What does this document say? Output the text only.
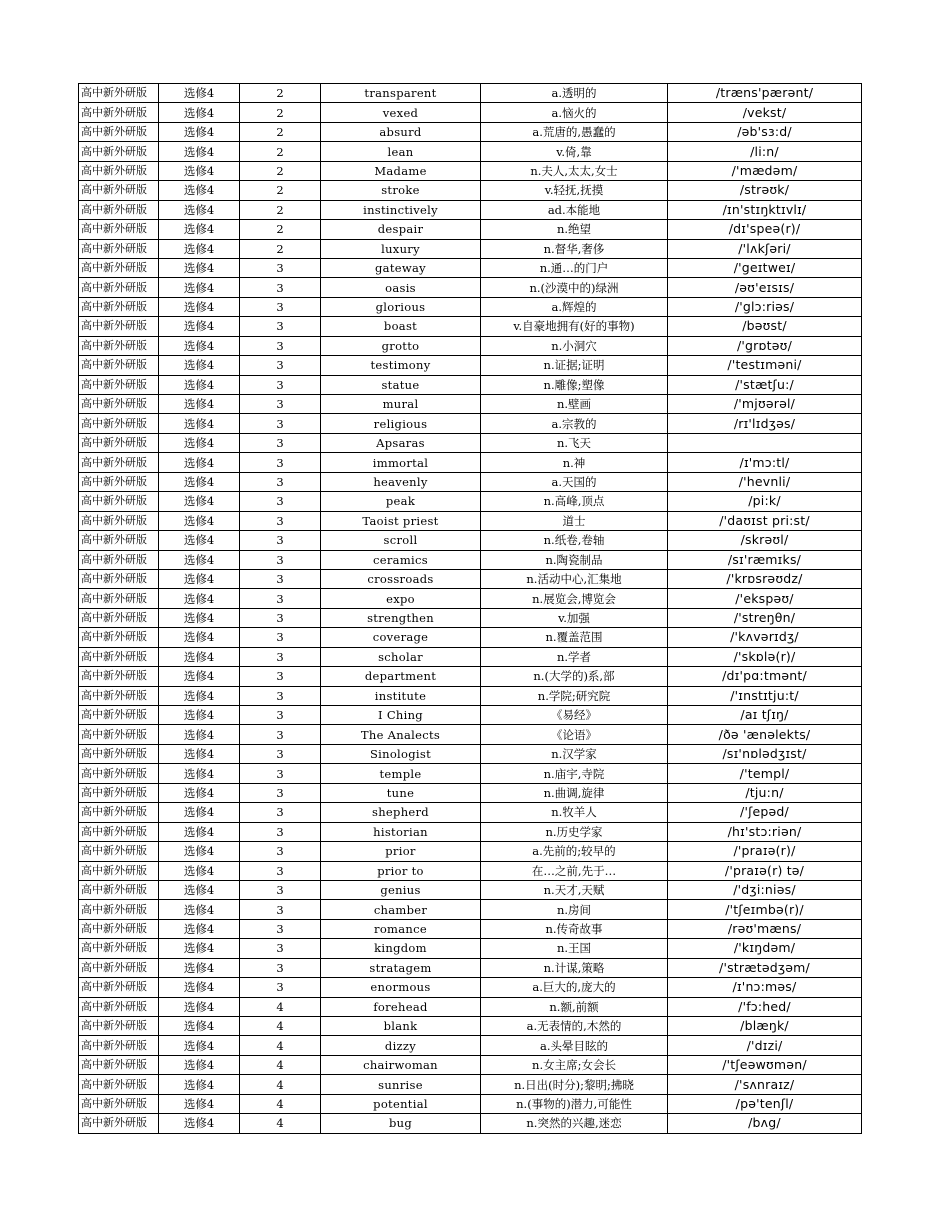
高中新外研版	选修4	2	transparent	a.透明的	/træns'pærənt/
高中新外研版	选修4	2	vexed	a.恼火的	/vekst/
高中新外研版	选修4	2	absurd	a.荒唐的,愚蠢的	/əb'sɜ:d/
高中新外研版	选修4	2	lean	v.倚,靠	/li:n/
高中新外研版	选修4	2	Madame	n.夫人,太太,女士	/'mædəm/
高中新外研版	选修4	2	stroke	v.轻抚,抚摸	/strəʊk/
高中新外研版	选修4	2	instinctively	ad.本能地	/ɪn'stɪŋktɪvlɪ/
高中新外研版	选修4	2	despair	n.绝望	/dɪ'speə(r)/
高中新外研版	选修4	2	luxury	n.督华,奢侈	/'lʌkʃəri/
高中新外研版	选修4	3	gateway	n.通…的门户	/'geɪtweɪ/
高中新外研版	选修4	3	oasis	n.(沙漠中的)绿洲	/əʊ'eɪsɪs/
高中新外研版	选修4	3	glorious	a.辉煌的	/'glɔ:riəs/
高中新外研版	选修4	3	boast	v.自豪地拥有(好的事物)	/bəʊst/
高中新外研版	选修4	3	grotto	n.小洞穴	/'grɒtəʊ/
高中新外研版	选修4	3	testimony	n.证据;证明	/'testɪməni/
高中新外研版	选修4	3	statue	n.雕像;塑像	/'stætʃu:/
高中新外研版	选修4	3	mural	n.壁画	/'mjʊərəl/
高中新外研版	选修4	3	religious	a.宗教的	/rɪ'lɪdʒəs/
高中新外研版	选修4	3	Apsaras	n.飞天	
高中新外研版	选修4	3	immortal	n.神	/ɪ'mɔ:tl/
高中新外研版	选修4	3	heavenly	a.天国的	/'hevnli/
高中新外研版	选修4	3	peak	n.高峰,顶点	/pi:k/
高中新外研版	选修4	3	Taoist priest	道士	/'daʊɪst pri:st/
高中新外研版	选修4	3	scroll	n.纸卷,卷轴	/skrəʊl/
高中新外研版	选修4	3	ceramics	n.陶瓷制品	/sɪ'ræmɪks/
高中新外研版	选修4	3	crossroads	n.活动中心,汇集地	/'krɒsrəʊdz/
高中新外研版	选修4	3	expo	n.展览会,博览会	/'ekspəʊ/
高中新外研版	选修4	3	strengthen	v.加强	/'streŋθn/
高中新外研版	选修4	3	coverage	n.覆盖范围	/'kʌvərɪdʒ/
高中新外研版	选修4	3	scholar	n.学者	/'skɒlə(r)/
高中新外研版	选修4	3	department	n.(大学的)系,部	/dɪ'pɑ:tmənt/
高中新外研版	选修4	3	institute	n.学院;研究院	/'ɪnstɪtju:t/
高中新外研版	选修4	3	I Ching	《易经》	/aɪ tʃɪŋ/
高中新外研版	选修4	3	The Analects	《论语》	/ðə 'ænəlekts/
高中新外研版	选修4	3	Sinologist	n.汉学家	/sɪ'nɒlədʒɪst/
高中新外研版	选修4	3	temple	n.庙宇,寺院	/'templ/
高中新外研版	选修4	3	tune	n.曲调,旋律	/tju:n/
高中新外研版	选修4	3	shepherd	n.牧羊人	/'ʃepəd/
高中新外研版	选修4	3	historian	n.历史学家	/hɪ'stɔ:riən/
高中新外研版	选修4	3	prior	a.先前的;较早的	/'praɪə(r)/
高中新外研版	选修4	3	prior to	在…之前,先于…	/'praɪə(r) tə/
高中新外研版	选修4	3	genius	n.天才,天赋	/'dʒi:niəs/
高中新外研版	选修4	3	chamber	n.房间	/'tʃeɪmbə(r)/
高中新外研版	选修4	3	romance	n.传奇故事	/rəʊ'mæns/
高中新外研版	选修4	3	kingdom	n.王国	/'kɪŋdəm/
高中新外研版	选修4	3	stratagem	n.计谋,策略	/'strætədʒəm/
高中新外研版	选修4	3	enormous	a.巨大的,庞大的	/ɪ'nɔ:məs/
高中新外研版	选修4	4	forehead	n.额,前额	/'fɔ:hed/
高中新外研版	选修4	4	blank	a.无表情的,木然的	/blæŋk/
高中新外研版	选修4	4	dizzy	a.头晕目眩的	/'dɪzi/
高中新外研版	选修4	4	chairwoman	n.女主席;女会长	/'tʃeəwʊmən/
高中新外研版	选修4	4	sunrise	n.日出(时分);黎明;拂晓	/'sʌnraɪz/
高中新外研版	选修4	4	potential	n.(事物的)潜力,可能性	/pə'tenʃl/
高中新外研版	选修4	4	bug	n.突然的兴趣,迷恋	/bʌg/
